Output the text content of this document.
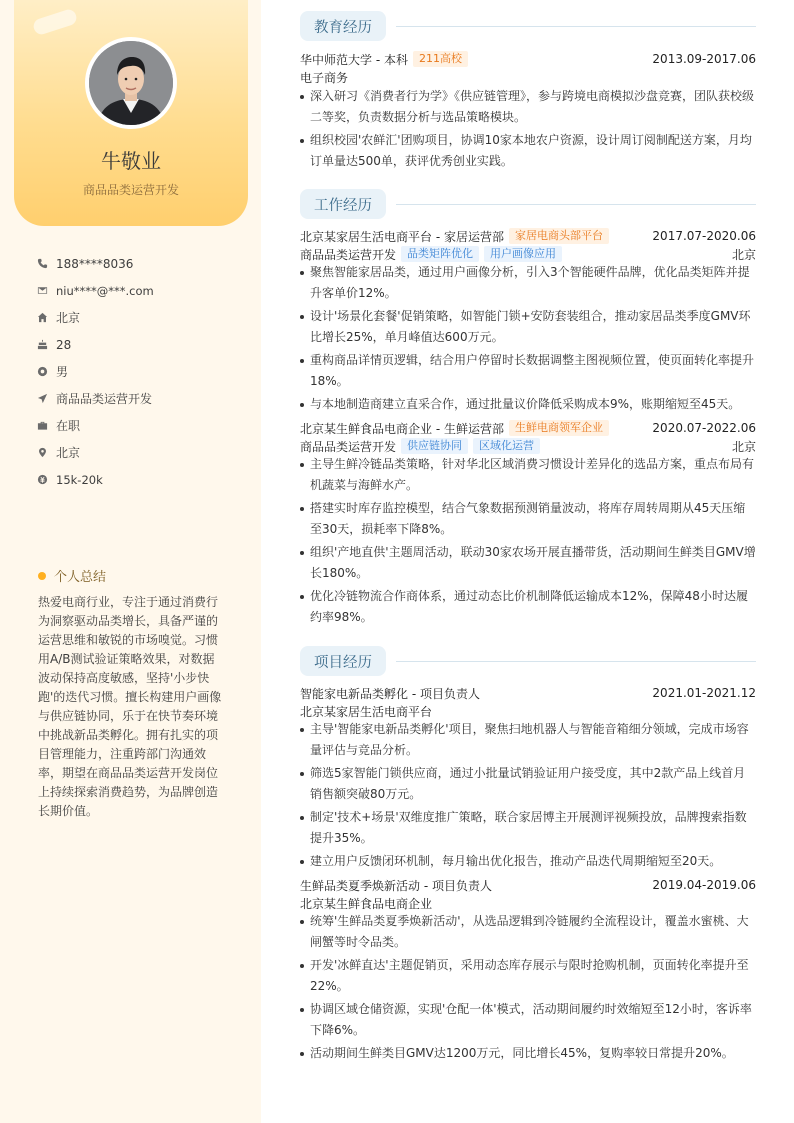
牛敬业
商品品类运营开发
188****8036
niu****@***.com
北京
28
男
商品品类运营开发
在职
北京
15k-20k
个人总结

热爱电商行业，专注于通过消费行为洞察驱动品类增长，具备严谨的运营思维和敏锐的市场嗅觉。习惯用A/B测试验证策略效果，对数据波动保持高度敏感，坚持'小步快跑'的迭代习惯。擅长构建用户画像与供应链协同，乐于在快节奏环境中挑战新品类孵化。拥有扎实的项目管理能力，注重跨部门沟通效率，期望在商品品类运营开发岗位上持续探索消费趋势，为品牌创造长期价值。

教育经历
华中师范大学 - 本科	211高校	2013.09-2017.06
电子商务
深入研习《消费者行为学》《供应链管理》，参与跨境电商模拟沙盘竞赛，团队获校级二等奖，负责数据分析与选品策略模块。
组织校园'农鲜汇'团购项目，协调10家本地农户资源，设计周订阅制配送方案，月均订单量达500单，获评优秀创业实践。
工作经历
北京某家居生活电商平台 - 家居运营部	家居电商头部平台	2017.07-2020.06
商品品类运营开发	品类矩阵优化	用户画像应用	北京
聚焦智能家居品类，通过用户画像分析，引入3个智能硬件品牌，优化品类矩阵并提升客单价12%。
设计'场景化套餐'促销策略，如智能门锁+安防套装组合，推动家居品类季度GMV环比增长25%，单月峰值达600万元。
重构商品详情页逻辑，结合用户停留时长数据调整主图视频位置，使页面转化率提升18%。
与本地制造商建立直采合作，通过批量议价降低采购成本9%，账期缩短至45天。
北京某生鲜食品电商企业 - 生鲜运营部	生鲜电商领军企业	2020.07-2022.06
商品品类运营开发	供应链协同	区域化运营	北京
主导生鲜冷链品类策略，针对华北区域消费习惯设计差异化的选品方案，重点布局有机蔬菜与海鲜水产。
搭建实时库存监控模型，结合气象数据预测销量波动，将库存周转周期从45天压缩至30天，损耗率下降8%。
组织'产地直供'主题周活动，联动30家农场开展直播带货，活动期间生鲜类目GMV增长180%。
优化冷链物流合作商体系，通过动态比价机制降低运输成本12%，保障48小时达履约率98%。
项目经历
智能家电新品类孵化 - 项目负责人	2021.01-2021.12
北京某家居生活电商平台
主导'智能家电新品类孵化'项目，聚焦扫地机器人与智能音箱细分领域，完成市场容量评估与竞品分析。
筛选5家智能门锁供应商，通过小批量试销验证用户接受度，其中2款产品上线首月销售额突破80万元。
制定'技术+场景'双维度推广策略，联合家居博主开展测评视频投放，品牌搜索指数提升35%。
建立用户反馈闭环机制，每月输出优化报告，推动产品迭代周期缩短至20天。
生鲜品类夏季焕新活动 - 项目负责人	2019.04-2019.06
北京某生鲜食品电商企业
统筹'生鲜品类夏季焕新活动'，从选品逻辑到冷链履约全流程设计，覆盖水蜜桃、大闸蟹等时令品类。
开发'冰鲜直达'主题促销页，采用动态库存展示与限时抢购机制，页面转化率提升至22%。
协调区域仓储资源，实现'仓配一体'模式，活动期间履约时效缩短至12小时，客诉率下降6%。
活动期间生鲜类目GMV达1200万元，同比增长45%，复购率较日常提升20%。
